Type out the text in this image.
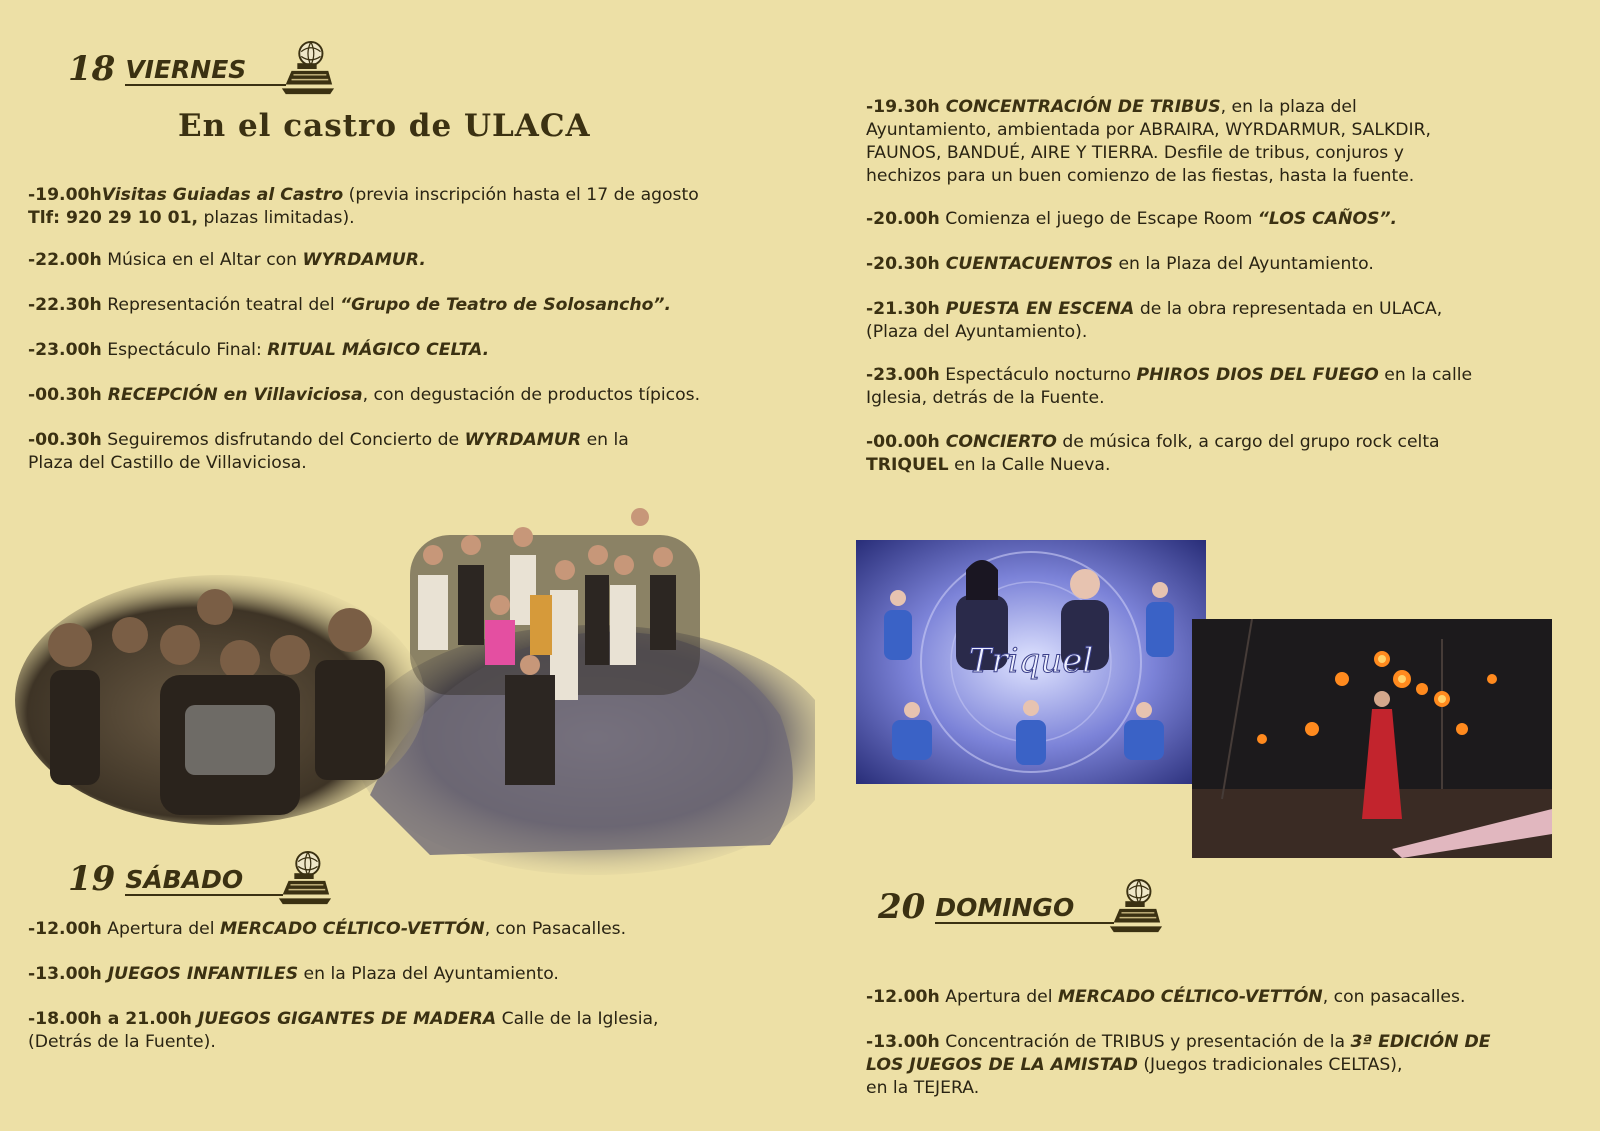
18 VIERNES
En el castro de ULACA
-19.00hVisitas Guiadas al Castro (previa inscripción hasta el 17 de agosto
Tlf: 920 29 10 01, plazas limitadas).
-22.00h Música en el Altar con WYRDAMUR.
-22.30h Representación teatral del “Grupo de Teatro de Solosancho”.
-23.00h Espectáculo Final: RITUAL MÁGICO CELTA.
-00.30h RECEPCIÓN en Villaviciosa, con degustación de productos típicos.
-00.30h Seguiremos disfrutando del Concierto de WYRDAMUR en la
Plaza del Castillo de Villaviciosa.
19 SÁBADO
-12.00h Apertura del MERCADO CÉLTICO-VETTÓN, con Pasacalles.
-13.00h JUEGOS INFANTILES en la Plaza del Ayuntamiento.
-18.00h a 21.00h JUEGOS GIGANTES DE MADERA Calle de la Iglesia,
(Detrás de la Fuente).
-19.30h CONCENTRACIÓN DE TRIBUS, en la plaza del
Ayuntamiento, ambientada por ABRAIRA, WYRDARMUR, SALKDIR,
FAUNOS, BANDUÉ, AIRE Y TIERRA. Desfile de tribus, conjuros y
hechizos para un buen comienzo de las fiestas, hasta la fuente.
-20.00h Comienza el juego de Escape Room “LOS CAÑOS”.
-20.30h CUENTACUENTOS en la Plaza del Ayuntamiento.
-21.30h PUESTA EN ESCENA de la obra representada en ULACA,
(Plaza del Ayuntamiento).
-23.00h Espectáculo nocturno PHIROS DIOS DEL FUEGO en la calle
Iglesia, detrás de la Fuente.
-00.00h CONCIERTO de música folk, a cargo del grupo rock celta
TRIQUEL en la Calle Nueva.
Triquel
20 DOMINGO
-12.00h Apertura del MERCADO CÉLTICO-VETTÓN, con pasacalles.
-13.00h Concentración de TRIBUS y presentación de la 3ª EDICIÓN DE
LOS JUEGOS DE LA AMISTAD (Juegos tradicionales CELTAS),
en la TEJERA.
